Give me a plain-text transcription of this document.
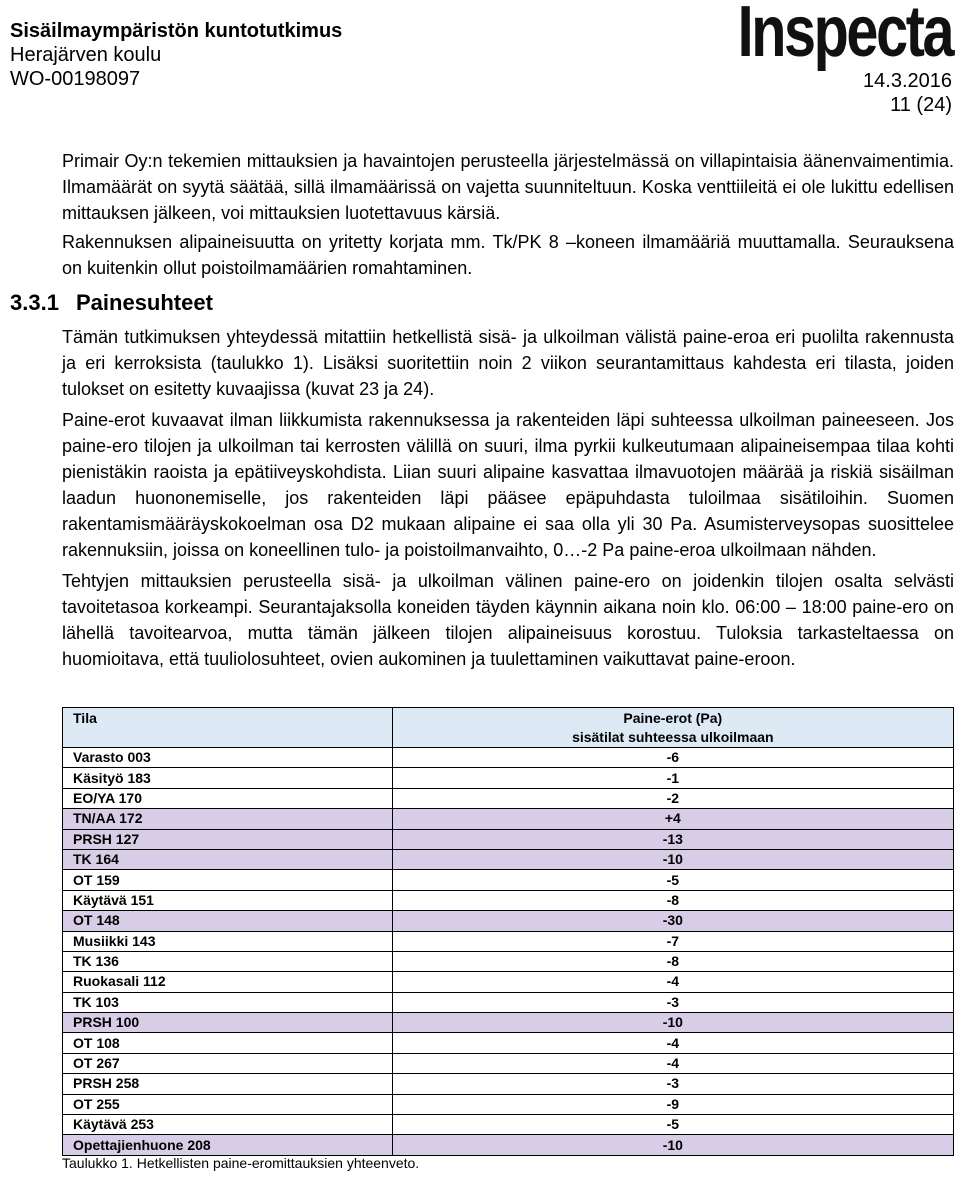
Sisäilmaympäristön kuntotutkimus
Herajärven koulu
WO-00198097
Inspecta
14.3.2016
11 (24)

Primair Oy:n tekemien mittauksien ja havaintojen perusteella järjestelmässä on villapintaisia äänenvaimentimia. Ilmamäärät on syytä säätää, sillä ilmamäärissä on vajetta suunniteltuun. Koska venttiileitä ei ole lukittu edellisen mittauksen jälkeen, voi mittauksien luotettavuus kärsiä.

Rakennuksen alipaineisuutta on yritetty korjata mm. Tk/PK 8 –koneen ilmamääriä muuttamalla. Seurauksena on kuitenkin ollut poistoilmamäärien romahtaminen.

3.3.1 Painesuhteet

Tämän tutkimuksen yhteydessä mitattiin hetkellistä sisä- ja ulkoilman välistä paine-eroa eri puolilta rakennusta ja eri kerroksista (taulukko 1). Lisäksi suoritettiin noin 2 viikon seurantamittaus kahdesta eri tilasta, joiden tulokset on esitetty kuvaajissa (kuvat 23 ja 24).

Paine-erot kuvaavat ilman liikkumista rakennuksessa ja rakenteiden läpi suhteessa ulkoilman paineeseen. Jos paine-ero tilojen ja ulkoilman tai kerrosten välillä on suuri, ilma pyrkii kulkeutumaan alipaineisempaa tilaa kohti pienistäkin raoista ja epätiiveyskohdista. Liian suuri alipaine kasvattaa ilmavuotojen määrää ja riskiä sisäilman laadun huononemiselle, jos rakenteiden läpi pääsee epäpuhdasta tuloilmaa sisätiloihin. Suomen rakentamismääräyskokoelman osa D2 mukaan alipaine ei saa olla yli 30 Pa. Asumisterveysopas suosittelee rakennuksiin, joissa on koneellinen tulo- ja poistoilmanvaihto, 0…-2 Pa paine-eroa ulkoilmaan nähden.

Tehtyjen mittauksien perusteella sisä- ja ulkoilman välinen paine-ero on joidenkin tilojen osalta selvästi tavoitetasoa korkeampi. Seurantajaksolla koneiden täyden käynnin aikana noin klo. 06:00 – 18:00 paine-ero on lähellä tavoitearvoa, mutta tämän jälkeen tilojen alipaineisuus korostuu. Tuloksia tarkasteltaessa on huomioitava, että tuuliolosuhteet, ovien aukominen ja tuulettaminen vaikuttavat paine-eroon.

Tila	Paine-erot (Pa)
sisätilat suhteessa ulkoilmaan
Varasto 003	-6
Käsityö 183	-1
EO/YA 170	-2
TN/AA 172	+4
PRSH 127	-13
TK 164	-10
OT 159	-5
Käytävä 151	-8
OT 148	-30
Musiikki 143	-7
TK 136	-8
Ruokasali 112	-4
TK 103	-3
PRSH 100	-10
OT 108	-4
OT 267	-4
PRSH 258	-3
OT 255	-9
Käytävä 253	-5
Opettajienhuone 208	-10
Taulukko 1. Hetkellisten paine-eromittauksien yhteenveto.
